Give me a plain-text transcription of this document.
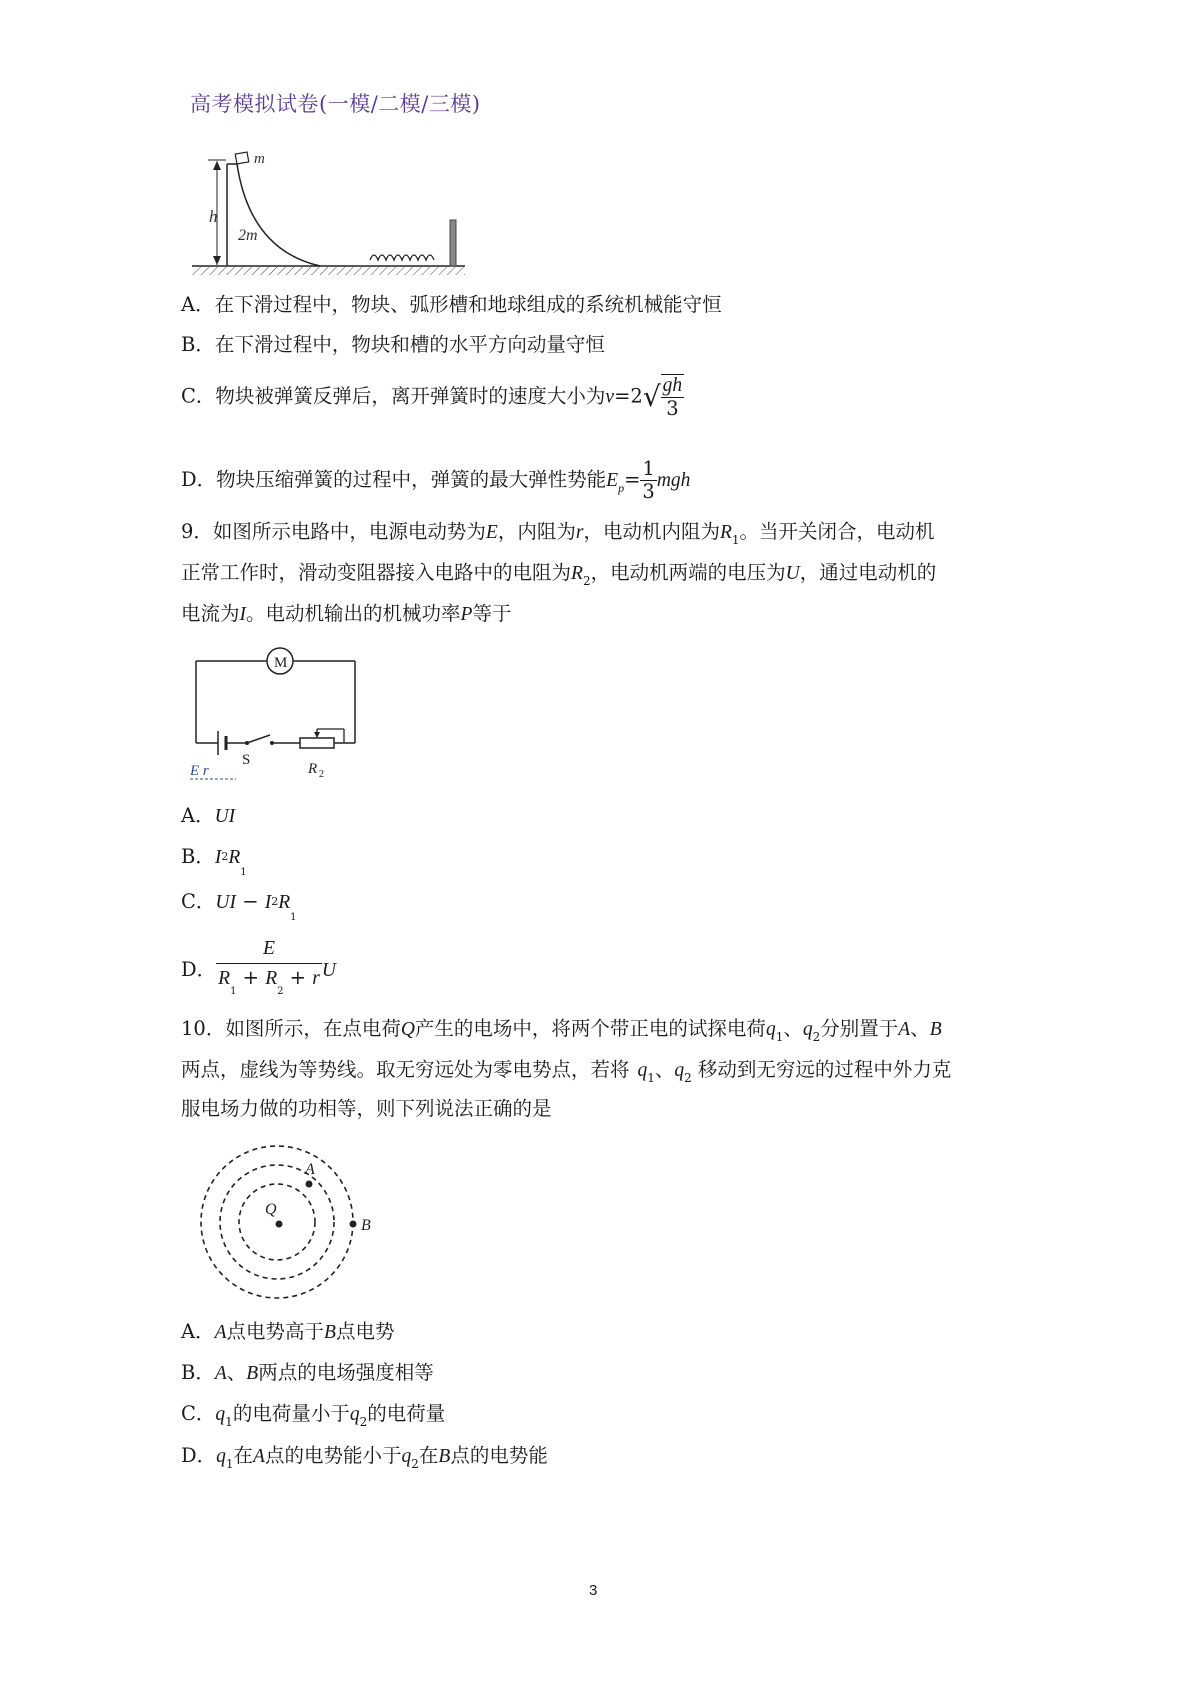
高考模拟试卷(一模/二模/三模)
h
m
2m
A．在下滑过程中，物块、弧形槽和地球组成的系统机械能守恒
B．在下滑过程中，物块和槽的水平方向动量守恒
C．物块被弹簧反弹后，离开弹簧时的速度大小为$v=2√ \frac{gh}{3}$
D．物块压缩弹簧的过程中，弹簧的最大弹性势能$E_p= \frac{1}{3}$ mgh
9．如图所示电路中，电源电动势为E，内阻为r，电动机内阻为$R_1$。当开关闭合，电动机
正常工作时，滑动变阻器接入电路中的电阻为$R_2$，电动机两端的电压为U，通过电动机的
电流为I。电动机输出的机械功率P等于
M
E r
S
R 2
A．UI
B．$I2R_1$
C．UI − $I2R_1$
D． $\frac{E}{R_1 + R_2 + r}$ U
10．如图所示，在点电荷Q产生的电场中，将两个带正电的试探电荷$q_1$、$q_2$分别置于A、B
两点，虚线为等势线。取无穷远处为零电势点，若将 $q_1$、$q_2$ 移动到无穷远的过程中外力克
服电场力做的功相等，则下列说法正确的是
Q
A
B
A．A点电势高于B点电势
B．A、B两点的电场强度相等
C．$q_1$的电荷量小于$q_2$的电荷量
D．$q_1$在A点的电势能小于$q_2$在B点的电势能
3
